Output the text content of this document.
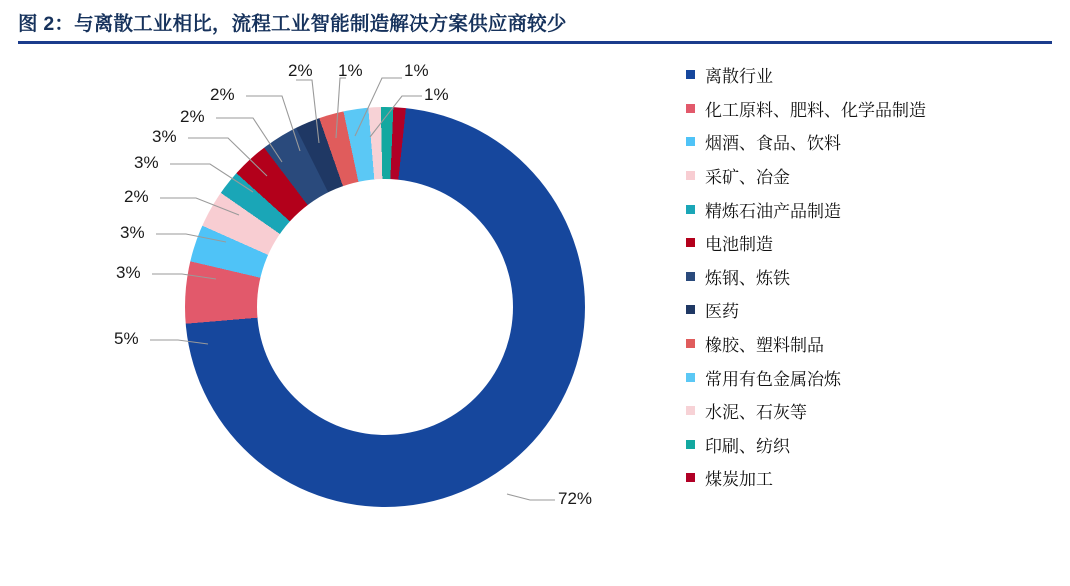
图 2：与离散工业相比，流程工业智能制造解决方案供应商较少
72%
5%
3%
3%
2%
3%
3%
2%
2%
2% 1% 1%
1%
离散行业
化工原料、肥料、化学品制造
烟酒、食品、饮料
采矿、冶金
精炼石油产品制造
电池制造
炼钢、炼铁
医药
橡胶、塑料制品
常用有色金属冶炼
水泥、石灰等
印刷、纺织
煤炭加工
